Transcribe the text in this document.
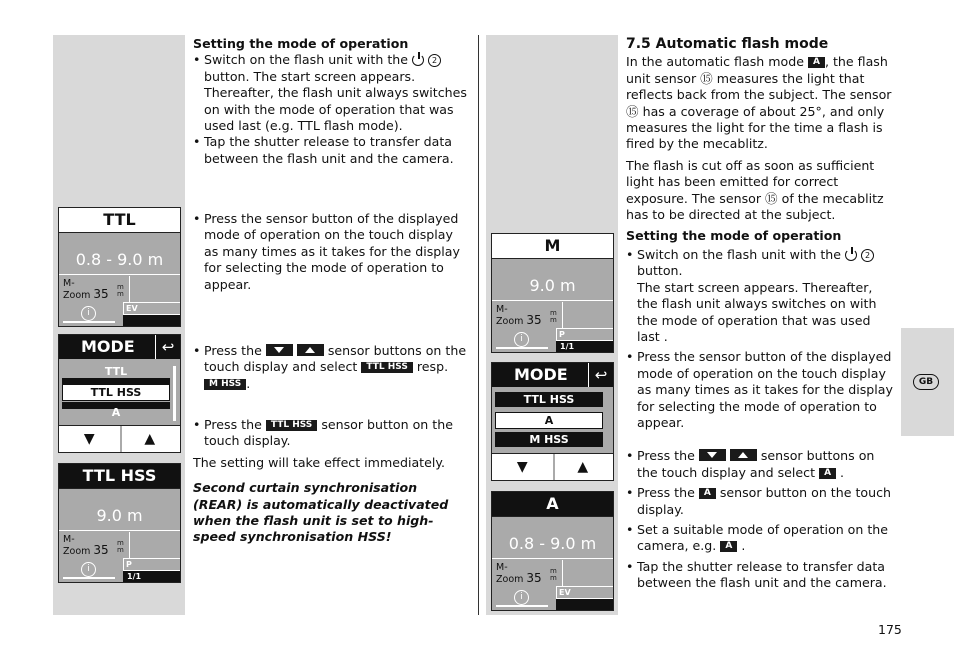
GB

Setting the mode of operation

• Switch on the flash unit with the	2 button. The start screen appears. Thereafter, the flash unit always switches on with the mode of operation that was used last (e.g. TTL flash mode).

• Tap the shutter release to transfer data between the flash unit and the camera.

• Press the sensor button of the displayed mode of operation on the touch display as many times as it takes for the display for selecting the mode of operation to appear.

• Press the	sensor buttons on the touch display and select TTL HSS resp. M HSS .

• Press the TTL HSS sensor button on the touch display.

The setting will take effect immediately.

Second curtain synchronisation (REAR) is automatically deactivated when the flash unit is set to high-speed synchronisation HSS!

TTL
0.8 - 9.0 m
M-
Zoom 35 m
m
i	EV
MODE	↩
TTL
TTL HSS
A
▼	▲
TTL HSS
9.0 m
M-
Zoom 35 m
m
i	P
1/1
M
9.0 m
M-
Zoom 35 m
m
i	P
1/1
MODE	↩
TTL HSS
A
M HSS
▼	▲
A
0.8 - 9.0 m
M-
Zoom 35 m
m
i	EV

7.5 Automatic flash mode

In the automatic flash mode A , the flash unit sensor ⑮ measures the light that reflects back from the subject. The sensor ⑮ has a coverage of about 25°, and only measures the light for the time a flash is fired by the mecablitz.

The flash is cut off as soon as sufficient light has been emitted for correct exposure. The sensor ⑮ of the mecablitz has to be directed at the subject.

Setting the mode of operation

• Switch on the flash unit with the	2 button.
The start screen appears. Thereafter, the flash unit always switches on with the mode of operation that was used last .

• Press the sensor button of the displayed mode of operation on the touch display as many times as it takes for the display for selecting the mode of operation to appear.

• Press the	sensor buttons on the touch display and select A .

• Press the A sensor button on the touch display.

• Set a suitable mode of operation on the camera, e.g. A .

• Tap the shutter release to transfer data between the flash unit and the camera.

175
